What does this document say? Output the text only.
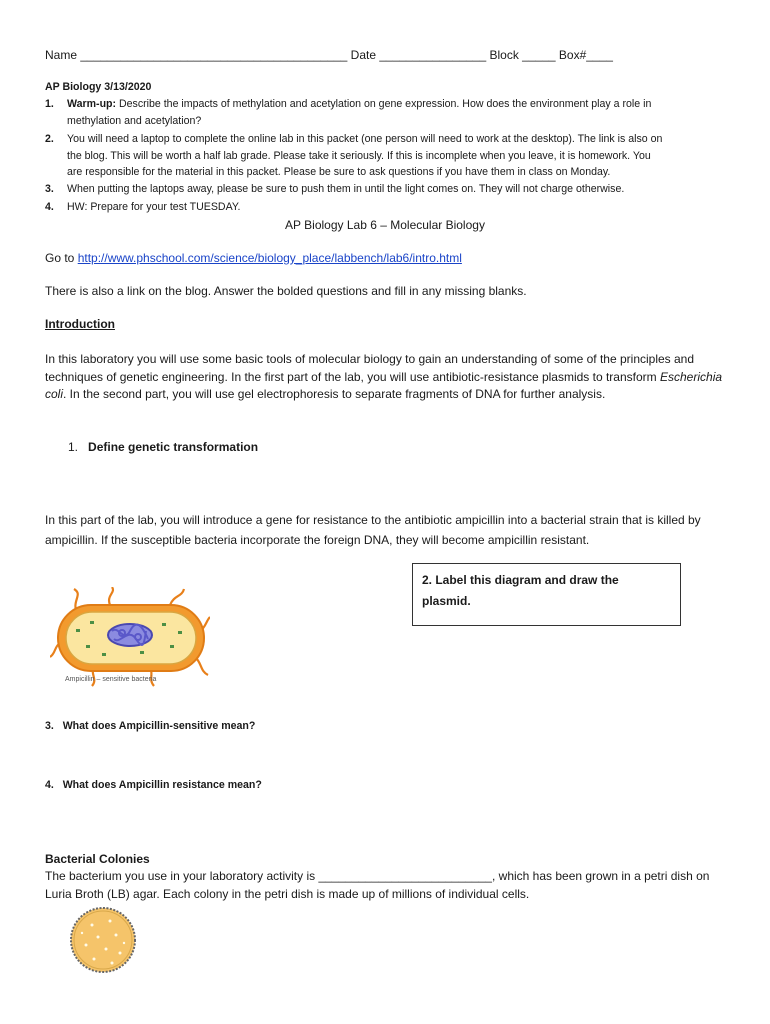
Name ________________________________________ Date ________________ Block _____ Box#____
AP Biology 3/13/2020
1. Warm-up: Describe the impacts of methylation and acetylation on gene expression. How does the environment play a role in
methylation and acetylation?
2. You will need a laptop to complete the online lab in this packet (one person will need to work at the desktop). The link is also on
the blog. This will be worth a half lab grade. Please take it seriously. If this is incomplete when you leave, it is homework. You
are responsible for the material in this packet. Please be sure to ask questions if you have them in class on Monday.
3. When putting the laptops away, please be sure to push them in until the light comes on. They will not charge otherwise.
4. HW: Prepare for your test TUESDAY.
AP Biology Lab 6 – Molecular Biology
Go to http://www.phschool.com/science/biology_place/labbench/lab6/intro.html
There is also a link on the blog. Answer the bolded questions and fill in any missing blanks.
Introduction
In this laboratory you will use some basic tools of molecular biology to gain an understanding of some of the principles and techniques of genetic engineering. In the first part of the lab, you will use antibiotic-resistance plasmids to transform Escherichia coli. In the second part, you will use gel electrophoresis to separate fragments of DNA for further analysis.
1. Define genetic transformation
In this part of the lab, you will introduce a gene for resistance to the antibiotic ampicillin into a bacterial strain that is killed by ampicillin. If the susceptible bacteria incorporate the foreign DNA, they will become ampicillin resistant.
2. Label this diagram and draw the
plasmid.
Ampicillin – sensitive bacteria
3. What does Ampicillin-sensitive mean?
4. What does Ampicillin resistance mean?
Bacterial Colonies
The bacterium you use in your laboratory activity is __________________________, which has been grown in a petri dish on Luria Broth (LB) agar. Each colony in the petri dish is made up of millions of individual cells.
